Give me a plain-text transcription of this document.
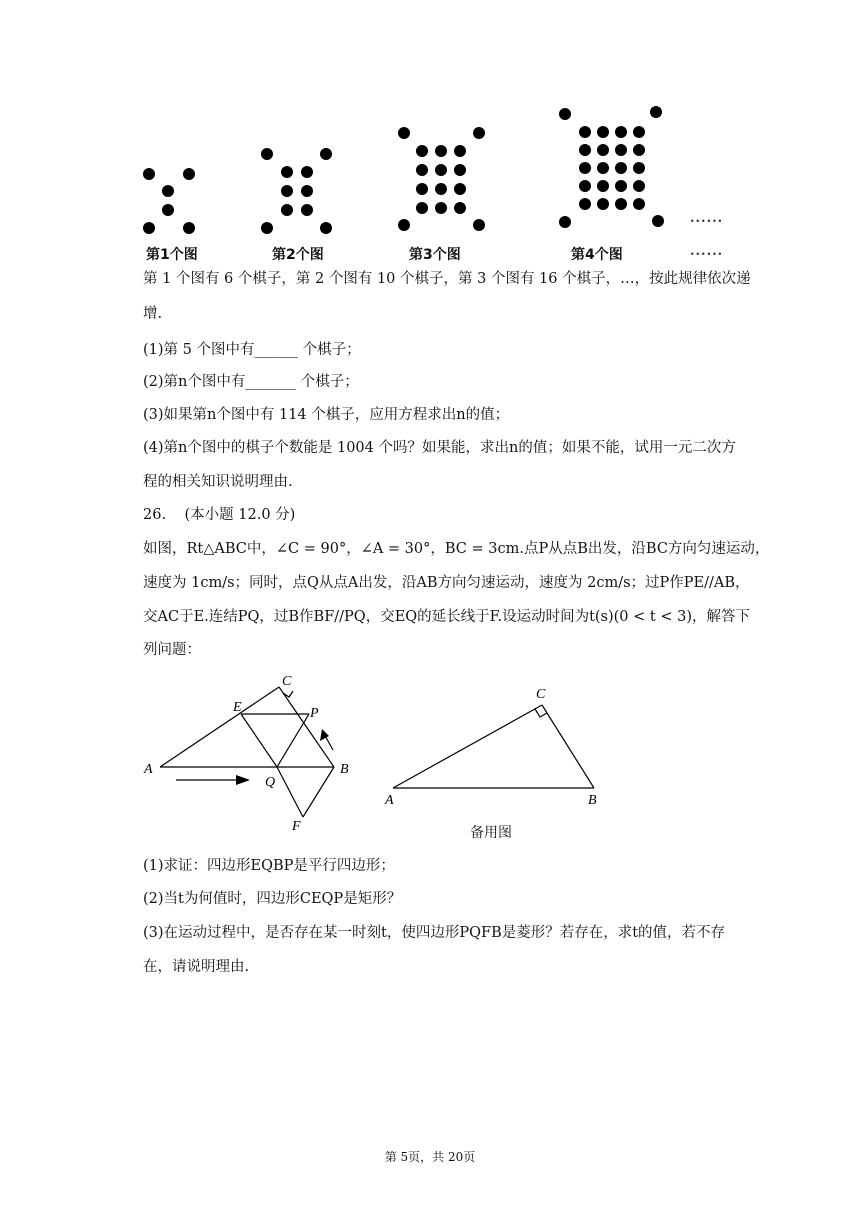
......
第1个图	第2个图	第3个图	第4个图	......
第 1 个图有 6 个棋子，第 2 个图有 10 个棋子，第 3 个图有 16 个棋子，…，按此规律依次递
增.
(1)第 5 个图中有______ 个棋子；
(2)第n个图中有_______ 个棋子；
(3)如果第n个图中有 114 个棋子，应用方程求出n的值；
(4)第n个图中的棋子个数能是 1004 个吗？如果能，求出n的值；如果不能，试用一元二次方
程的相关知识说明理由.
26.    (本小题 12.0 分)
如图，Rt△ABC中，∠C = 90°，∠A = 30°，BC = 3cm.点P从点B出发，沿BC方向匀速运动，
速度为 1cm/s；同时，点Q从点A出发，沿AB方向匀速运动，速度为 2cm/s；过P作PE//AB，
交AC于E.连结PQ，过B作BF//PQ，交EQ的延长线于F.设运动时间为t(s)(0 < t < 3)，解答下
列问题：
A	B
C
E	P
Q
F
A	B
C
备用图
(1)求证：四边形EQBP是平行四边形；
(2)当t为何值时，四边形CEQP是矩形？
(3)在运动过程中，是否存在某一时刻t，使四边形PQFB是菱形？若存在，求t的值，若不存
在，请说明理由.
第 5页，共 20页
